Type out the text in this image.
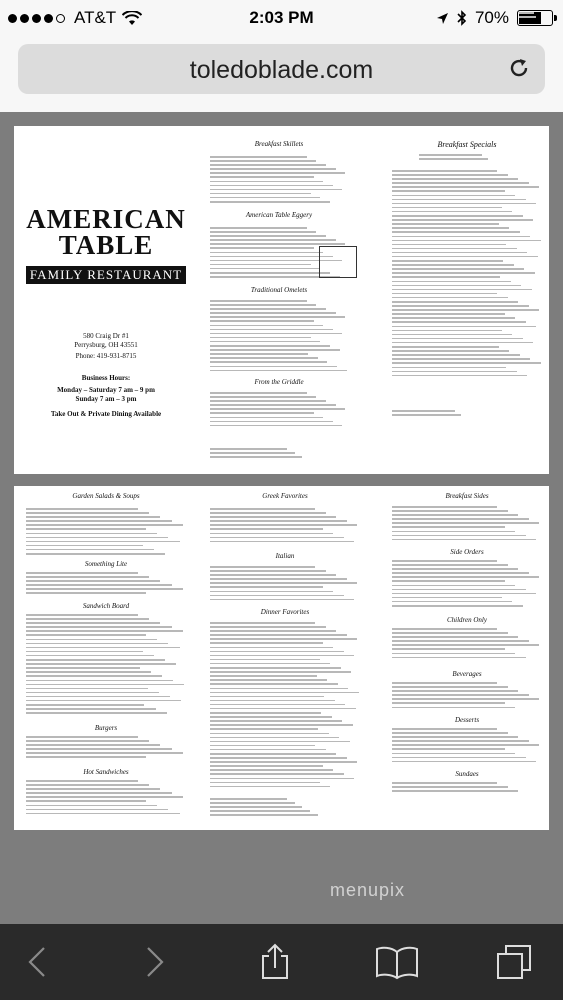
AT&T	2:03 PM	70%
toledoblade.com
AMERICAN
TABLE
FAMILY RESTAURANT
580 Craig Dr #1
Perrysburg, OH 43551
Phone: 419-931-8715
Business Hours:
Monday – Saturday 7 am – 9 pm
Sunday 7 am – 3 pm
Take Out & Private Dining Available
Breakfast Skillets
American Table Eggery
Traditional Omelets
From the Griddle
Breakfast Specials
Garden Salads & Soups
Something Lite
Sandwich Board
Burgers
Hot Sandwiches
Greek Favorites
Italian
Dinner Favorites
Breakfast Sides
Side Orders
Children Only
Beverages
Desserts
Sundaes
menupix
